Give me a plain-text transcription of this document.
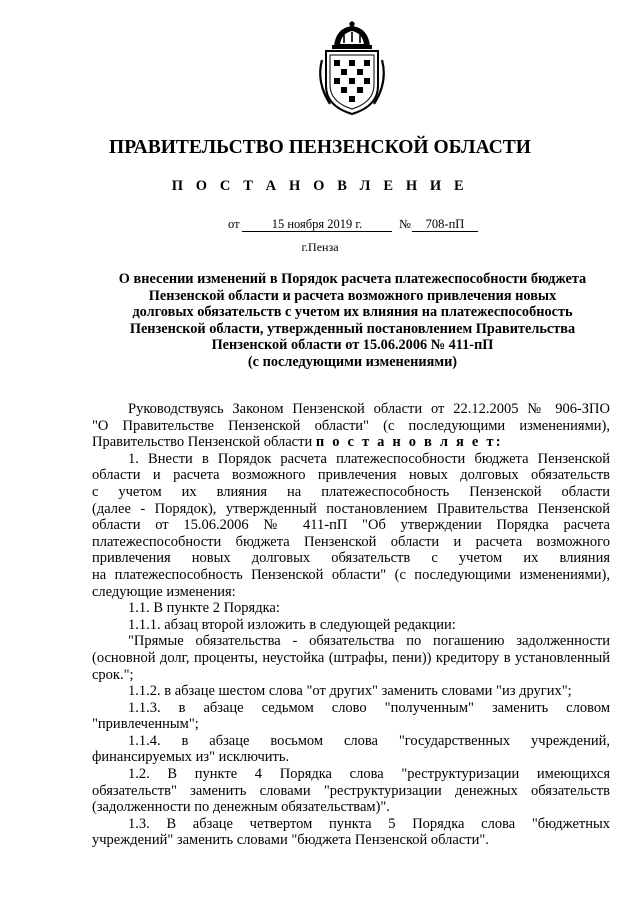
ПРАВИТЕЛЬСТВО ПЕНЗЕНСКОЙ ОБЛАСТИ
П О С Т А Н О В Л Е Н И Е
от	15 ноября 2019 г.	№	708-пП
г.Пенза
О внесении изменений в Порядок расчета платежеспособности бюджета
Пензенской области и расчета возможного привлечения новых
долговых обязательств с учетом их влияния на платежеспособность
Пензенской области, утвержденный постановлением Правительства
Пензенской области от 15.06.2006 № 411-пП
(с последующими изменениями)
Руководствуясь Законом Пензенской области от 22.12.2005 № 906-ЗПО
"О Правительстве Пензенской области" (с последующими изменениями),
Правительство Пензенской области п о с т а н о в л я е т:
1. Внести в Порядок расчета платежеспособности бюджета Пензенской
области и расчета возможного привлечения новых долговых обязательств
с учетом их влияния на платежеспособность Пензенской области
(далее - Порядок), утвержденный постановлением Правительства Пензенской
области от 15.06.2006 № 411-пП "Об утверждении Порядка расчета
платежеспособности бюджета Пензенской области и расчета возможного
привлечения новых долговых обязательств с учетом их влияния
на платежеспособность Пензенской области" (с последующими изменениями),
следующие изменения:
1.1. В пункте 2 Порядка:
1.1.1. абзац второй изложить в следующей редакции:
"Прямые обязательства - обязательства по погашению задолженности
(основной долг, проценты, неустойка (штрафы, пени)) кредитору в установленный
срок.";
1.1.2. в абзаце шестом слова "от других" заменить словами "из других";
1.1.3. в абзаце седьмом слово "полученным" заменить словом
"привлеченным";
1.1.4. в абзаце восьмом слова "государственных учреждений,
финансируемых из" исключить.
1.2. В пункте 4 Порядка слова "реструктуризации имеющихся
обязательств" заменить словами "реструктуризации денежных обязательств
(задолженности по денежным обязательствам)".
1.3. В абзаце четвертом пункта 5 Порядка слова "бюджетных
учреждений" заменить словами "бюджета Пензенской области".
